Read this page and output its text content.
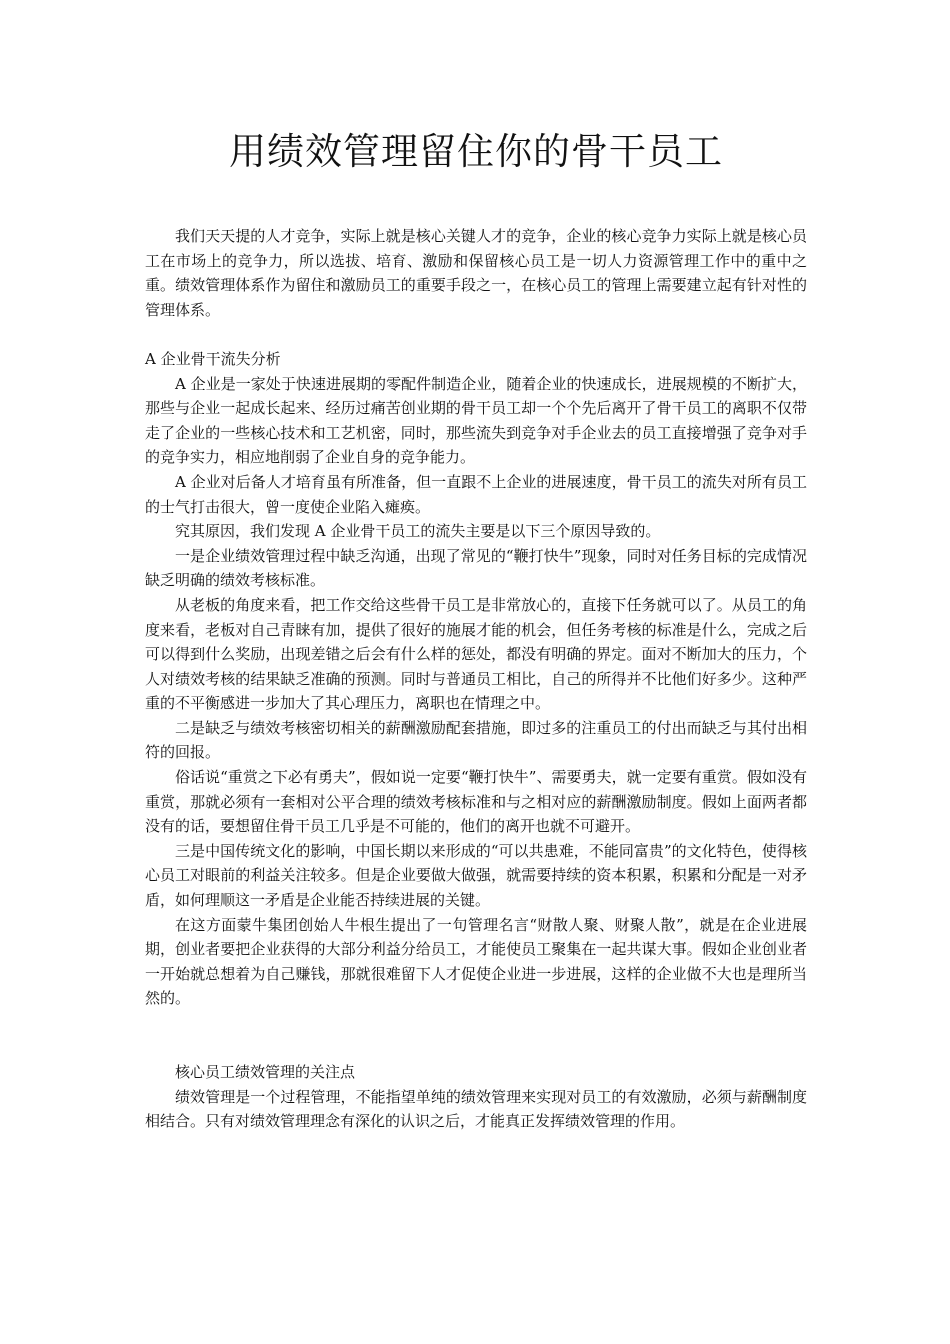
用绩效管理留住你的骨干员工

我们天天提的人才竞争，实际上就是核心关键人才的竞争，企业的核心竞争力实际上就是核心员工在市场上的竞争力，所以选拔、培育、激励和保留核心员工是一切人力资源管理工作中的重中之重。绩效管理体系作为留住和激励员工的重要手段之一，在核心员工的管理上需要建立起有针对性的管理体系。

A 企业骨干流失分析

A 企业是一家处于快速进展期的零配件制造企业，随着企业的快速成长，进展规模的不断扩大，那些与企业一起成长起来、经历过痛苦创业期的骨干员工却一个个先后离开了骨干员工的离职不仅带走了企业的一些核心技术和工艺机密，同时，那些流失到竞争对手企业去的员工直接增强了竞争对手的竞争实力，相应地削弱了企业自身的竞争能力。

A 企业对后备人才培育虽有所准备，但一直跟不上企业的进展速度，骨干员工的流失对所有员工的士气打击很大，曾一度使企业陷入瘫痪。

究其原因，我们发现 A 企业骨干员工的流失主要是以下三个原因导致的。

一是企业绩效管理过程中缺乏沟通，出现了常见的“鞭打快牛”现象，同时对任务目标的完成情况缺乏明确的绩效考核标准。

从老板的角度来看，把工作交给这些骨干员工是非常放心的，直接下任务就可以了。从员工的角度来看，老板对自己青睐有加，提供了很好的施展才能的机会，但任务考核的标准是什么，完成之后可以得到什么奖励，出现差错之后会有什么样的惩处，都没有明确的界定。面对不断加大的压力，个人对绩效考核的结果缺乏准确的预测。同时与普通员工相比，自己的所得并不比他们好多少。这种严重的不平衡感进一步加大了其心理压力，离职也在情理之中。

二是缺乏与绩效考核密切相关的薪酬激励配套措施，即过多的注重员工的付出而缺乏与其付出相符的回报。

俗话说“重赏之下必有勇夫”，假如说一定要“鞭打快牛”、需要勇夫，就一定要有重赏。假如没有重赏，那就必须有一套相对公平合理的绩效考核标准和与之相对应的薪酬激励制度。假如上面两者都没有的话，要想留住骨干员工几乎是不可能的，他们的离开也就不可避开。

三是中国传统文化的影响，中国长期以来形成的“可以共患难，不能同富贵”的文化特色，使得核心员工对眼前的利益关注较多。但是企业要做大做强，就需要持续的资本积累，积累和分配是一对矛盾，如何理顺这一矛盾是企业能否持续进展的关键。

在这方面蒙牛集团创始人牛根生提出了一句管理名言“财散人聚、财聚人散”，就是在企业进展期，创业者要把企业获得的大部分利益分给员工，才能使员工聚集在一起共谋大事。假如企业创业者一开始就总想着为自己赚钱，那就很难留下人才促使企业进一步进展，这样的企业做不大也是理所当然的。

核心员工绩效管理的关注点

绩效管理是一个过程管理，不能指望单纯的绩效管理来实现对员工的有效激励，必须与薪酬制度相结合。只有对绩效管理理念有深化的认识之后，才能真正发挥绩效管理的作用。
